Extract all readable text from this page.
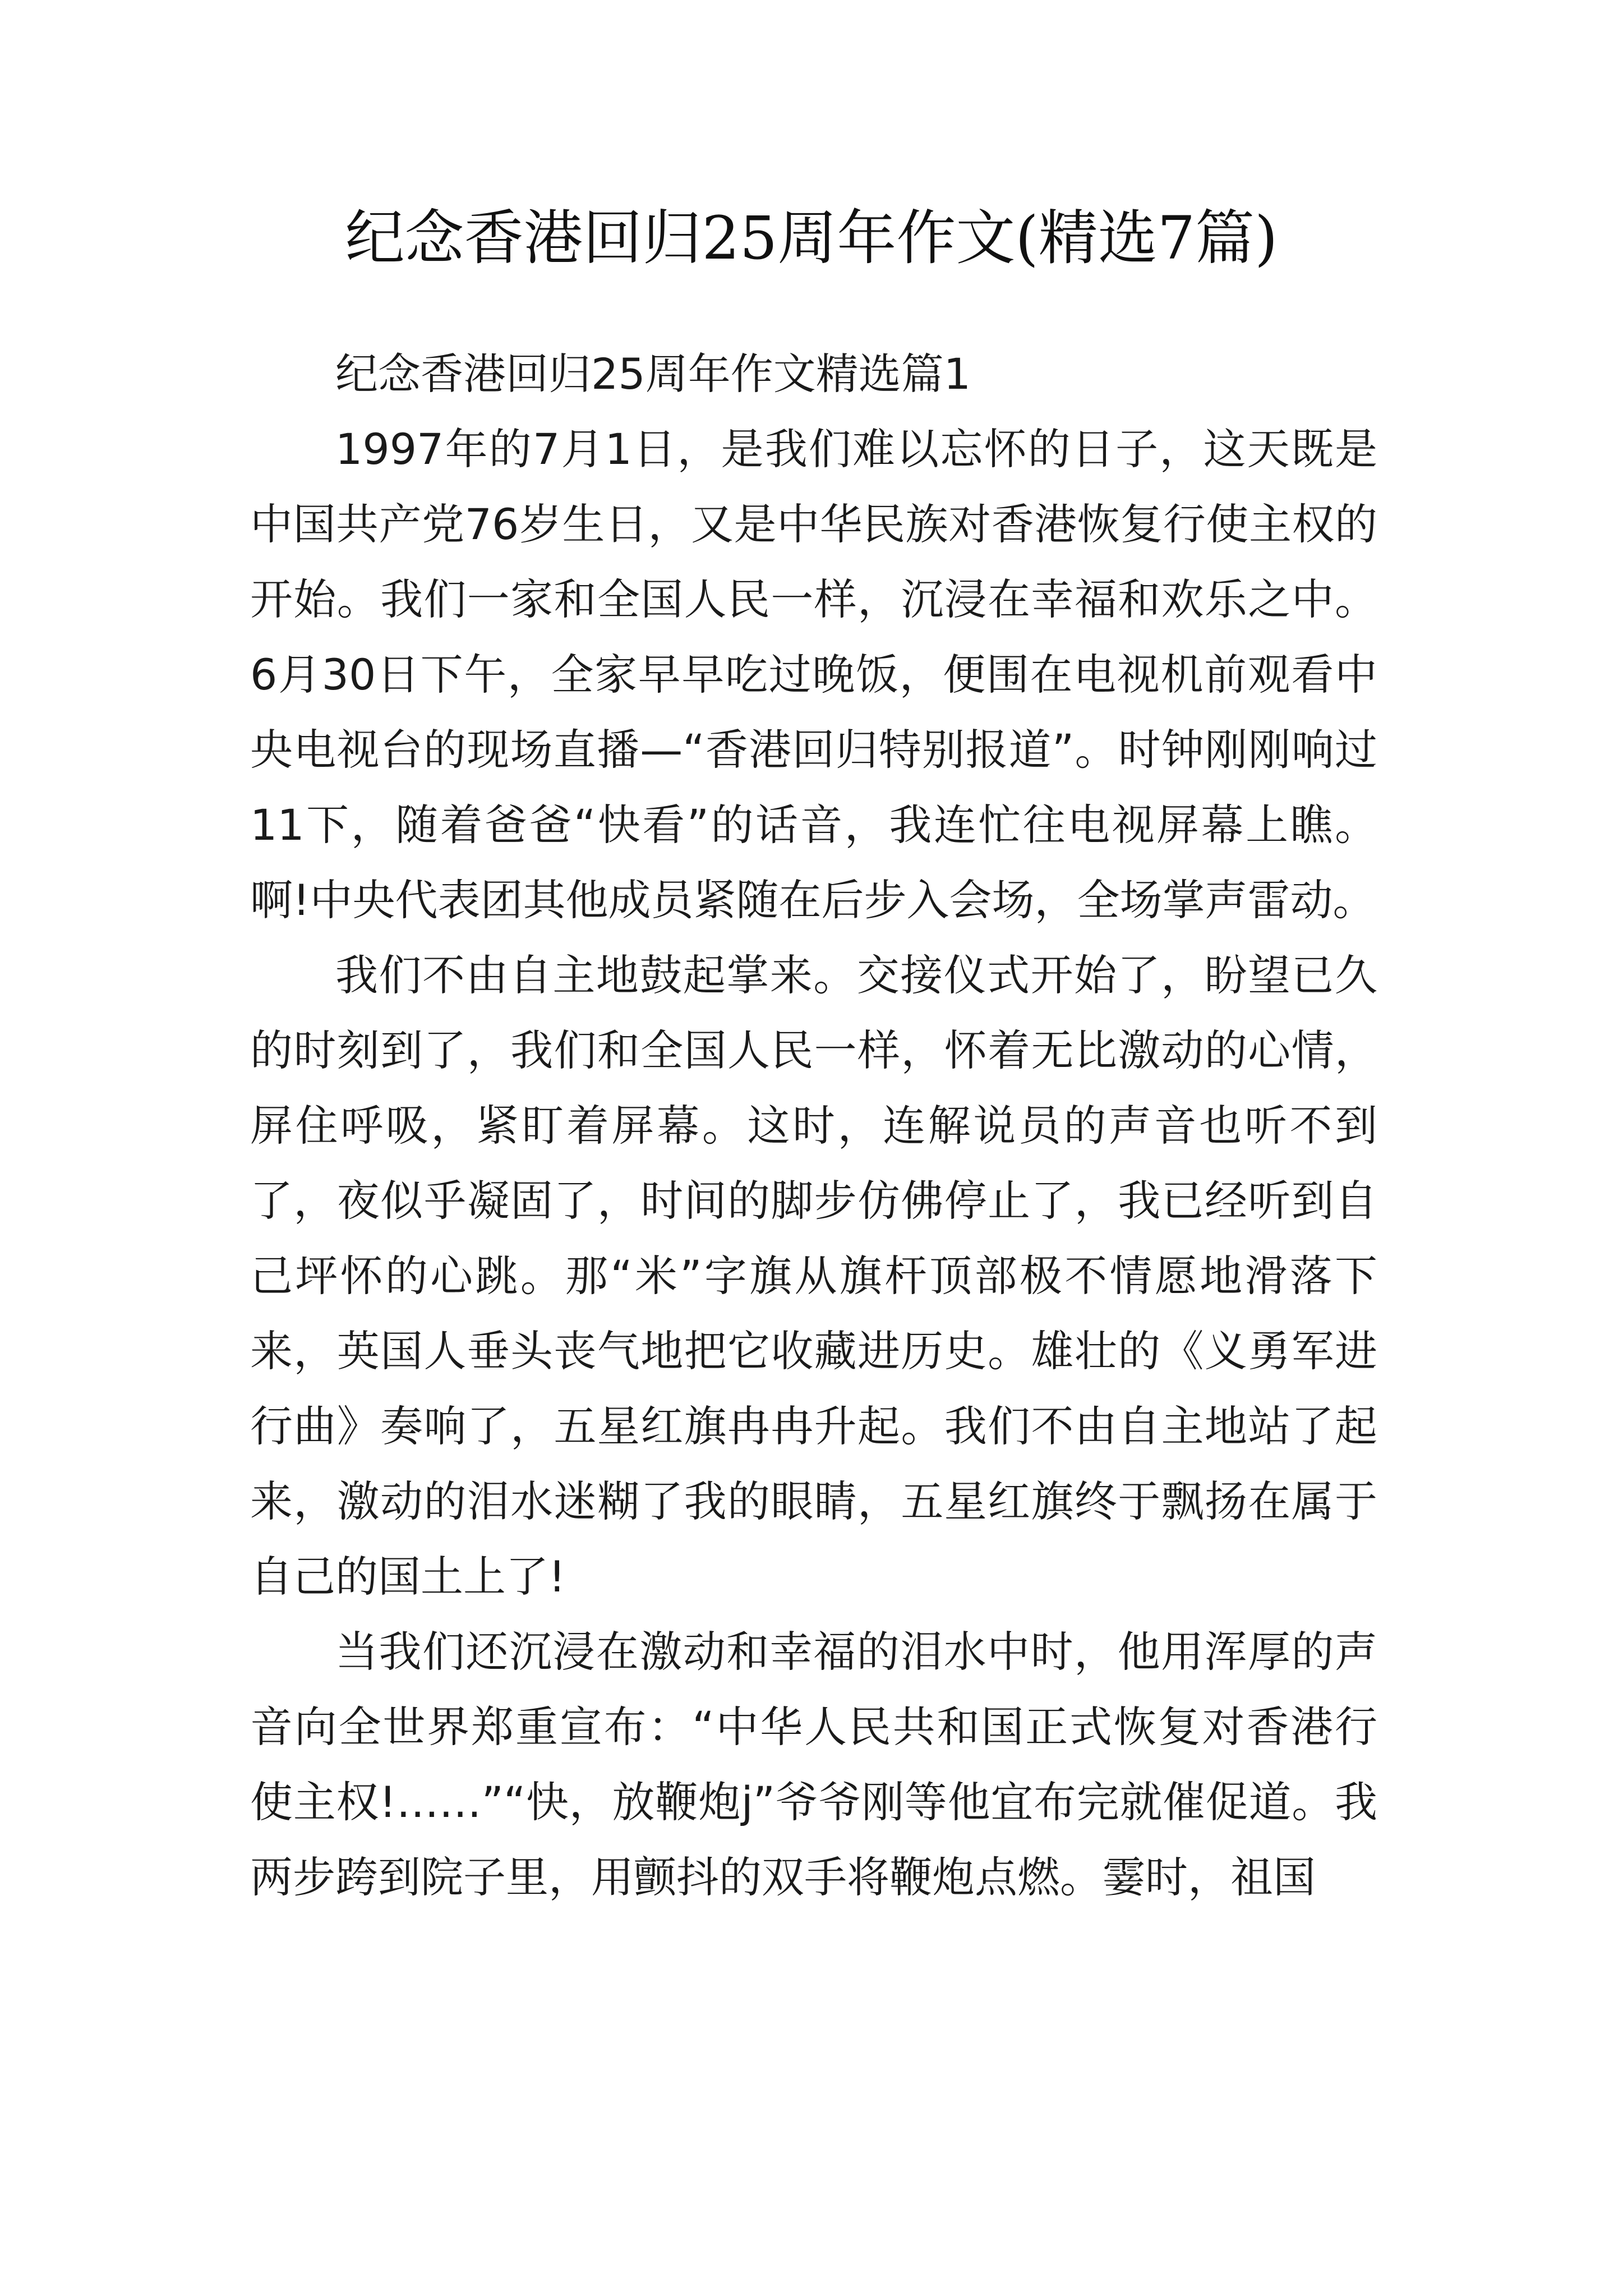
纪念香港回归25周年作文(精选7篇)

纪念香港回归25周年作文精选篇1

1997年的7月1日，是我们难以忘怀的日子，这天既是中国共产党76岁生日，又是中华民族对香港恢复行使主权的开始。我们一家和全国人民一样，沉浸在幸福和欢乐之中。6月30日下午，全家早早吃过晚饭，便围在电视机前观看中央电视台的现场直播—“香港回归特别报道”。时钟刚刚响过11下，随着爸爸“快看”的话音，我连忙往电视屏幕上瞧。啊!中央代表团其他成员紧随在后步入会场，全场掌声雷动。

我们不由自主地鼓起掌来。交接仪式开始了，盼望已久的时刻到了，我们和全国人民一样，怀着无比激动的心情，屏住呼吸，紧盯着屏幕。这时，连解说员的声音也听不到了，夜似乎凝固了，时间的脚步仿佛停止了，我已经听到自己坪怀的心跳。那“米”字旗从旗杆顶部极不情愿地滑落下来，英国人垂头丧气地把它收藏进历史。雄壮的《义勇军进行曲》奏响了，五星红旗冉冉升起。我们不由自主地站了起来，激动的泪水迷糊了我的眼睛，五星红旗终于飘扬在属于自己的国土上了!

当我们还沉浸在激动和幸福的泪水中时，他用浑厚的声音向全世界郑重宣布：“中华人民共和国正式恢复对香港行使主权!……”“快，放鞭炮j”爷爷刚等他宜布完就催促道。我两步跨到院子里，用颤抖的双手将鞭炮点燃。霎时，祖国
